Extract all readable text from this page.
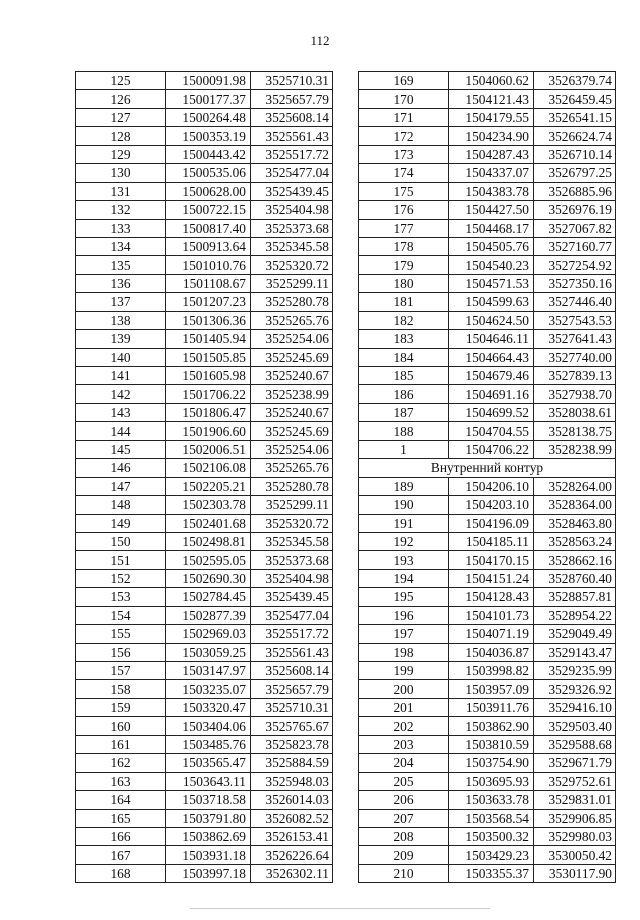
112
125	1500091.98	3525710.31
126	1500177.37	3525657.79
127	1500264.48	3525608.14
128	1500353.19	3525561.43
129	1500443.42	3525517.72
130	1500535.06	3525477.04
131	1500628.00	3525439.45
132	1500722.15	3525404.98
133	1500817.40	3525373.68
134	1500913.64	3525345.58
135	1501010.76	3525320.72
136	1501108.67	3525299.11
137	1501207.23	3525280.78
138	1501306.36	3525265.76
139	1501405.94	3525254.06
140	1501505.85	3525245.69
141	1501605.98	3525240.67
142	1501706.22	3525238.99
143	1501806.47	3525240.67
144	1501906.60	3525245.69
145	1502006.51	3525254.06
146	1502106.08	3525265.76
147	1502205.21	3525280.78
148	1502303.78	3525299.11
149	1502401.68	3525320.72
150	1502498.81	3525345.58
151	1502595.05	3525373.68
152	1502690.30	3525404.98
153	1502784.45	3525439.45
154	1502877.39	3525477.04
155	1502969.03	3525517.72
156	1503059.25	3525561.43
157	1503147.97	3525608.14
158	1503235.07	3525657.79
159	1503320.47	3525710.31
160	1503404.06	3525765.67
161	1503485.76	3525823.78
162	1503565.47	3525884.59
163	1503643.11	3525948.03
164	1503718.58	3526014.03
165	1503791.80	3526082.52
166	1503862.69	3526153.41
167	1503931.18	3526226.64
168	1503997.18	3526302.11
169	1504060.62	3526379.74
170	1504121.43	3526459.45
171	1504179.55	3526541.15
172	1504234.90	3526624.74
173	1504287.43	3526710.14
174	1504337.07	3526797.25
175	1504383.78	3526885.96
176	1504427.50	3526976.19
177	1504468.17	3527067.82
178	1504505.76	3527160.77
179	1504540.23	3527254.92
180	1504571.53	3527350.16
181	1504599.63	3527446.40
182	1504624.50	3527543.53
183	1504646.11	3527641.43
184	1504664.43	3527740.00
185	1504679.46	3527839.13
186	1504691.16	3527938.70
187	1504699.52	3528038.61
188	1504704.55	3528138.75
1	1504706.22	3528238.99
Внутренний контур		
189	1504206.10	3528264.00
190	1504203.10	3528364.00
191	1504196.09	3528463.80
192	1504185.11	3528563.24
193	1504170.15	3528662.16
194	1504151.24	3528760.40
195	1504128.43	3528857.81
196	1504101.73	3528954.22
197	1504071.19	3529049.49
198	1504036.87	3529143.47
199	1503998.82	3529235.99
200	1503957.09	3529326.92
201	1503911.76	3529416.10
202	1503862.90	3529503.40
203	1503810.59	3529588.68
204	1503754.90	3529671.79
205	1503695.93	3529752.61
206	1503633.78	3529831.01
207	1503568.54	3529906.85
208	1503500.32	3529980.03
209	1503429.23	3530050.42
210	1503355.37	3530117.90
